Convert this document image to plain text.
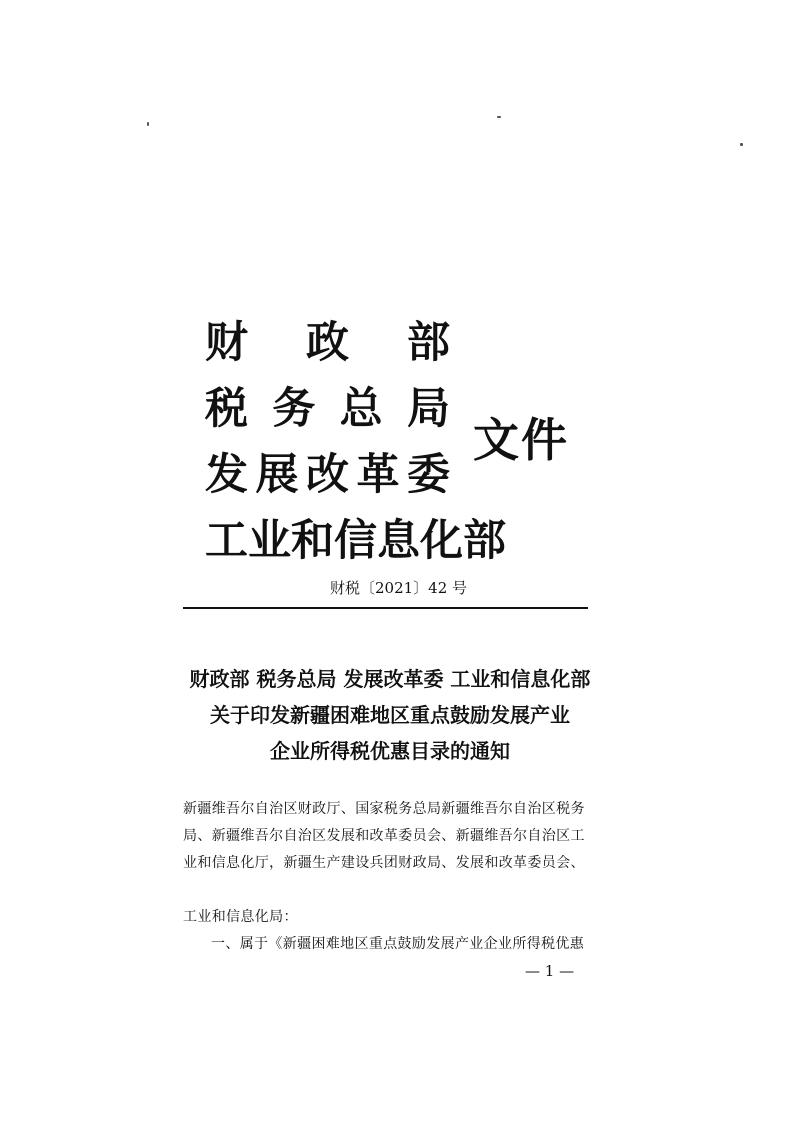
财 政 部
税 务 总 局
发 展 改 革 委
工 业 和 信 息 化 部
文件
财税〔2021〕42 号
财政部 税务总局 发展改革委 工业和信息化部
关于印发新疆困难地区重点鼓励发展产业
企业所得税优惠目录的通知
新疆维吾尔自治区财政厅、国家税务总局新疆维吾尔自治区税务
局、新疆维吾尔自治区发展和改革委员会、新疆维吾尔自治区工
业和信息化厅，新疆生产建设兵团财政局、发展和改革委员会、
工业和信息化局：
一、属于《新疆困难地区重点鼓励发展产业企业所得税优惠
— 1 —
